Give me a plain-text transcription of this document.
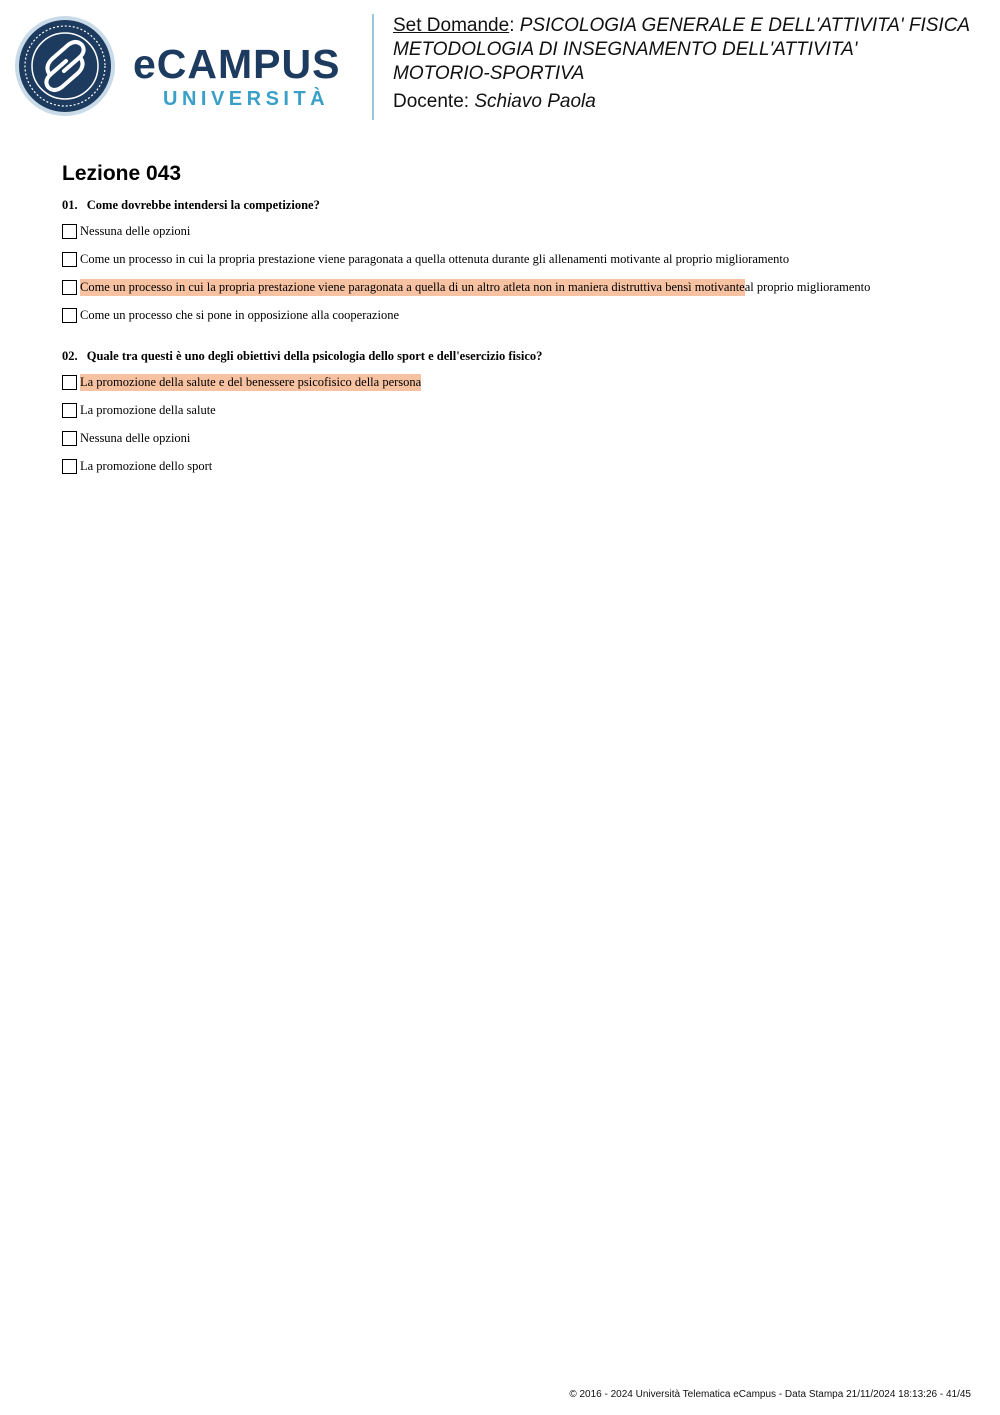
eCAMPUS
UNIVERSITÀ
Set Domande: PSICOLOGIA GENERALE E DELL'ATTIVITA' FISICA
METODOLOGIA DI INSEGNAMENTO DELL'ATTIVITA'
MOTORIO-SPORTIVA
Docente: Schiavo Paola
Lezione 043

01. Come dovrebbe intendersi la competizione?

Nessuna delle opzioni
Come un processo in cui la propria prestazione viene paragonata a quella ottenuta durante gli allenamenti motivante al proprio miglioramento
Come un processo in cui la propria prestazione viene paragonata a quella di un altro atleta non in maniera distruttiva bensì motivante al proprio miglioramento
Come un processo che si pone in opposizione alla cooperazione

02. Quale tra questi è uno degli obiettivi della psicologia dello sport e dell'esercizio fisico?

La promozione della salute e del benessere psicofisico della persona
La promozione della salute
Nessuna delle opzioni
La promozione dello sport
© 2016 - 2024 Università Telematica eCampus - Data Stampa 21/11/2024 18:13:26 - 41/45
